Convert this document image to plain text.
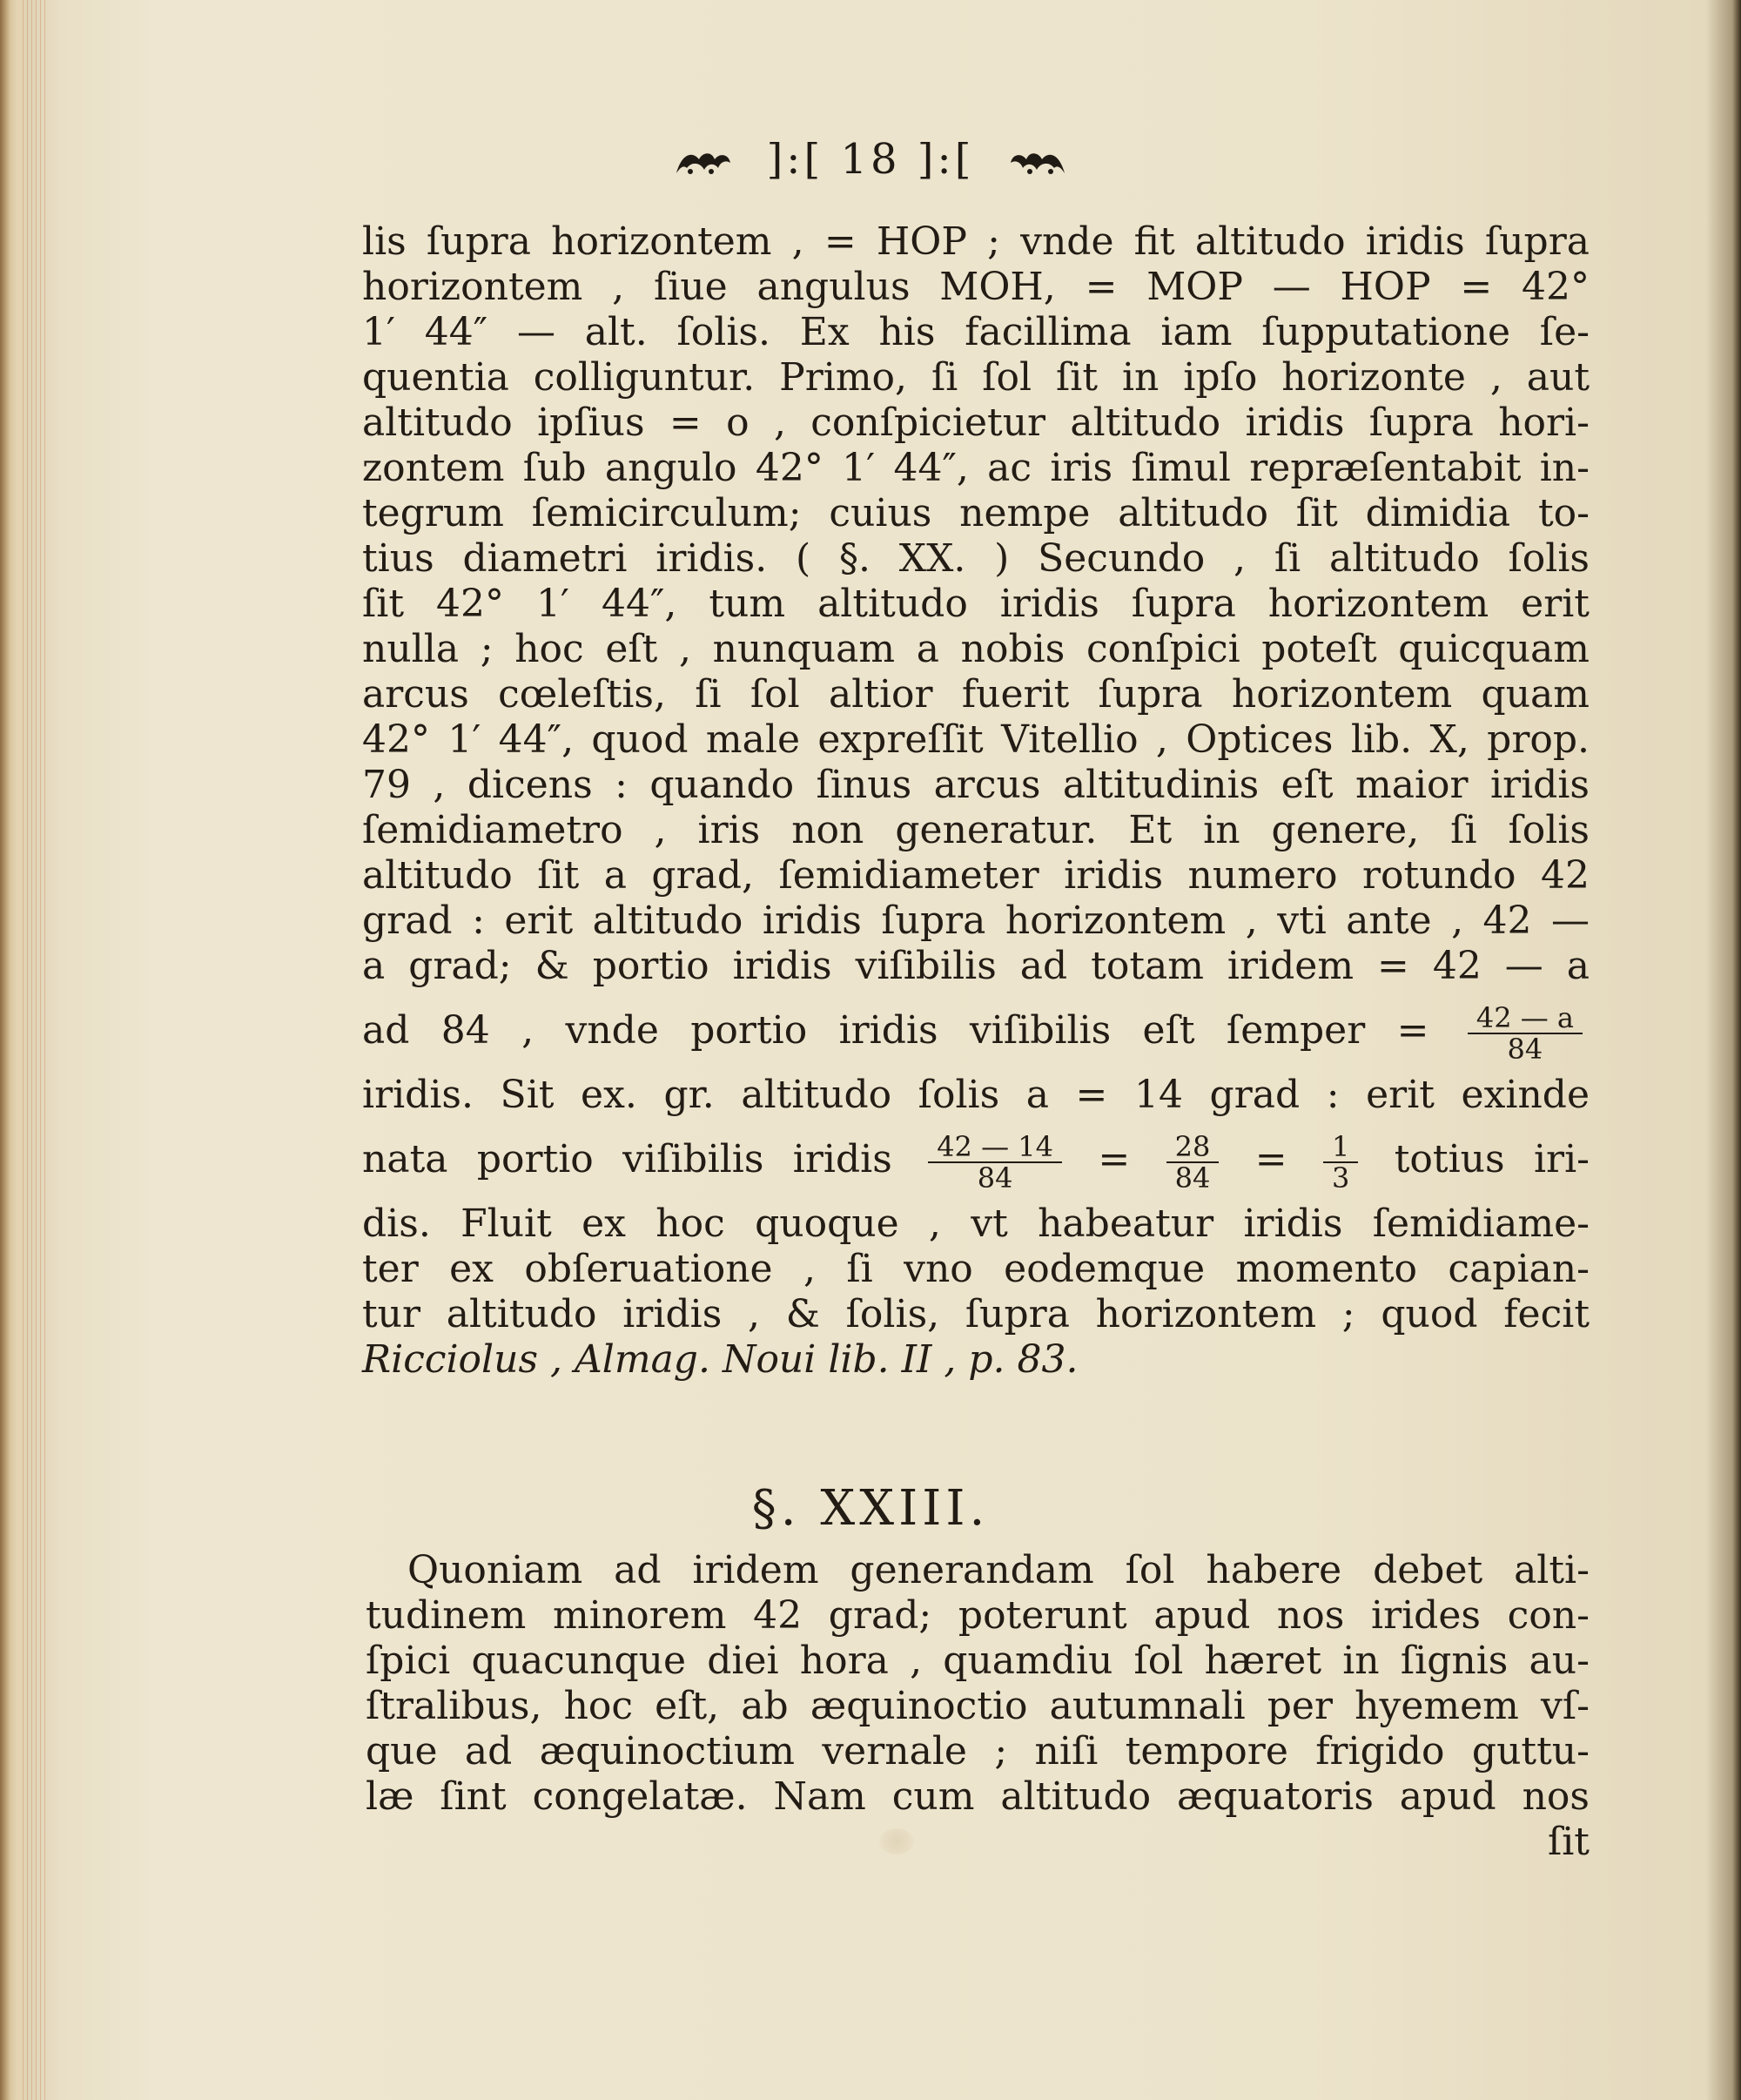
]:[ 18 ]:[
lis ſupra horizontem , = HOP ; vnde fit altitudo iridis ſupra
horizontem , ſiue angulus MOH, = MOP — HOP = 42°
1′ 44″ — alt. ſolis. Ex his facillima iam ſupputatione ſe-
quentia colliguntur. Primo, ſi ſol ſit in ipſo horizonte , aut
altitudo ipſius = o , conſpicietur altitudo iridis ſupra hori-
zontem ſub angulo 42° 1′ 44″, ac iris ſimul repræſentabit in-
tegrum ſemicirculum; cuius nempe altitudo ſit dimidia to-
tius diametri iridis. ( §. XX. ) Secundo , ſi altitudo ſolis
ſit 42° 1′ 44″, tum altitudo iridis ſupra horizontem erit
nulla ; hoc eſt , nunquam a nobis conſpici poteſt quicquam
arcus cœleſtis, ſi ſol altior fuerit ſupra horizontem quam
42° 1′ 44″, quod male expreſſit Vitellio , Optices lib. X, prop.
79 , dicens : quando ſinus arcus altitudinis eſt maior iridis
ſemidiametro , iris non generatur. Et in genere, ſi ſolis
altitudo ſit a grad, ſemidiameter iridis numero rotundo 42
grad : erit altitudo iridis ſupra horizontem , vti ante , 42 —
a grad; & portio iridis viſibilis ad totam iridem = 42 — a
ad 84 , vnde portio iridis viſibilis eſt ſemper = $\frac{42 — a}{84}$
iridis. Sit ex. gr. altitudo ſolis a = 14 grad : erit exinde
nata portio viſibilis iridis $\frac{42 — 14}{84} = \frac{28}{84} = \frac{1}{3}$ totius iri-
dis. Fluit ex hoc quoque , vt habeatur iridis ſemidiame-
ter ex obſeruatione , ſi vno eodemque momento capian-
tur altitudo iridis , & ſolis, ſupra horizontem ; quod fecit
Ricciolus , Almag. Noui lib. II , p. 83.
§. XXIII.
Quoniam ad iridem generandam ſol habere debet alti-
tudinem minorem 42 grad; poterunt apud nos irides con-
ſpici quacunque diei hora , quamdiu ſol hæret in ſignis au-
ſtralibus, hoc eſt, ab æquinoctio autumnali per hyemem vſ-
que ad æquinoctium vernale ; niſi tempore frigido guttu-
læ ſint congelatæ. Nam cum altitudo æquatoris apud nos
ſit
